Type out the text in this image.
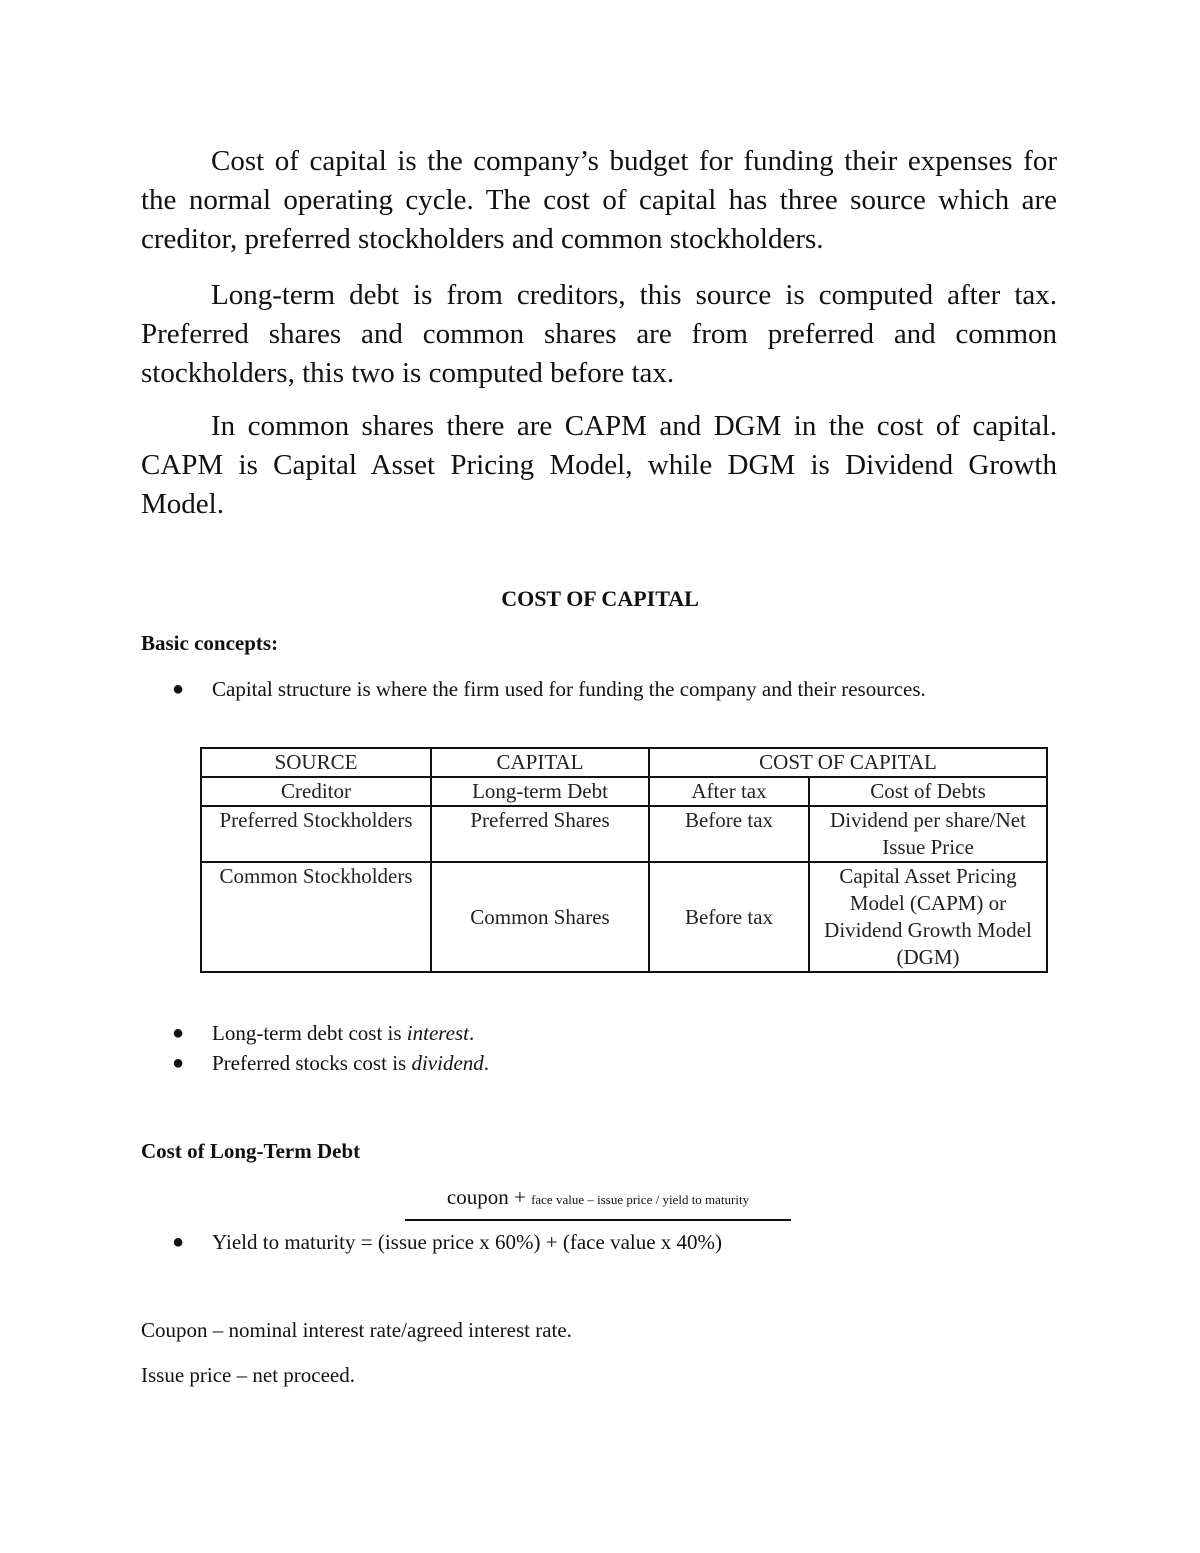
Cost of capital is the company’s budget for funding their expenses for the normal operating cycle. The cost of capital has three source which are creditor, preferred stockholders and common stockholders.

Long-term debt is from creditors, this source is computed after tax. Preferred shares and common shares are from preferred and common stockholders, this two is computed before tax.

In common shares there are CAPM and DGM in the cost of capital. CAPM is Capital Asset Pricing Model, while DGM is Dividend Growth Model.

COST OF CAPITAL
Basic concepts:
● Capital structure is where the firm used for funding the company and their resources.
SOURCE	CAPITAL	COST OF CAPITAL	
Creditor	Long-term Debt	After tax	Cost of Debts
Preferred Stockholders	Preferred Shares	Before tax	Dividend per share/Net Issue Price
Common Stockholders	Common Shares	Before tax	Capital Asset Pricing Model (CAPM) or Dividend Growth Model (DGM)
● Long-term debt cost is interest.
● Preferred stocks cost is dividend.
Cost of Long-Term Debt
coupon + face value – issue price / yield to maturity
● Yield to maturity = (issue price x 60%) + (face value x 40%)
Coupon – nominal interest rate/agreed interest rate.
Issue price – net proceed.
